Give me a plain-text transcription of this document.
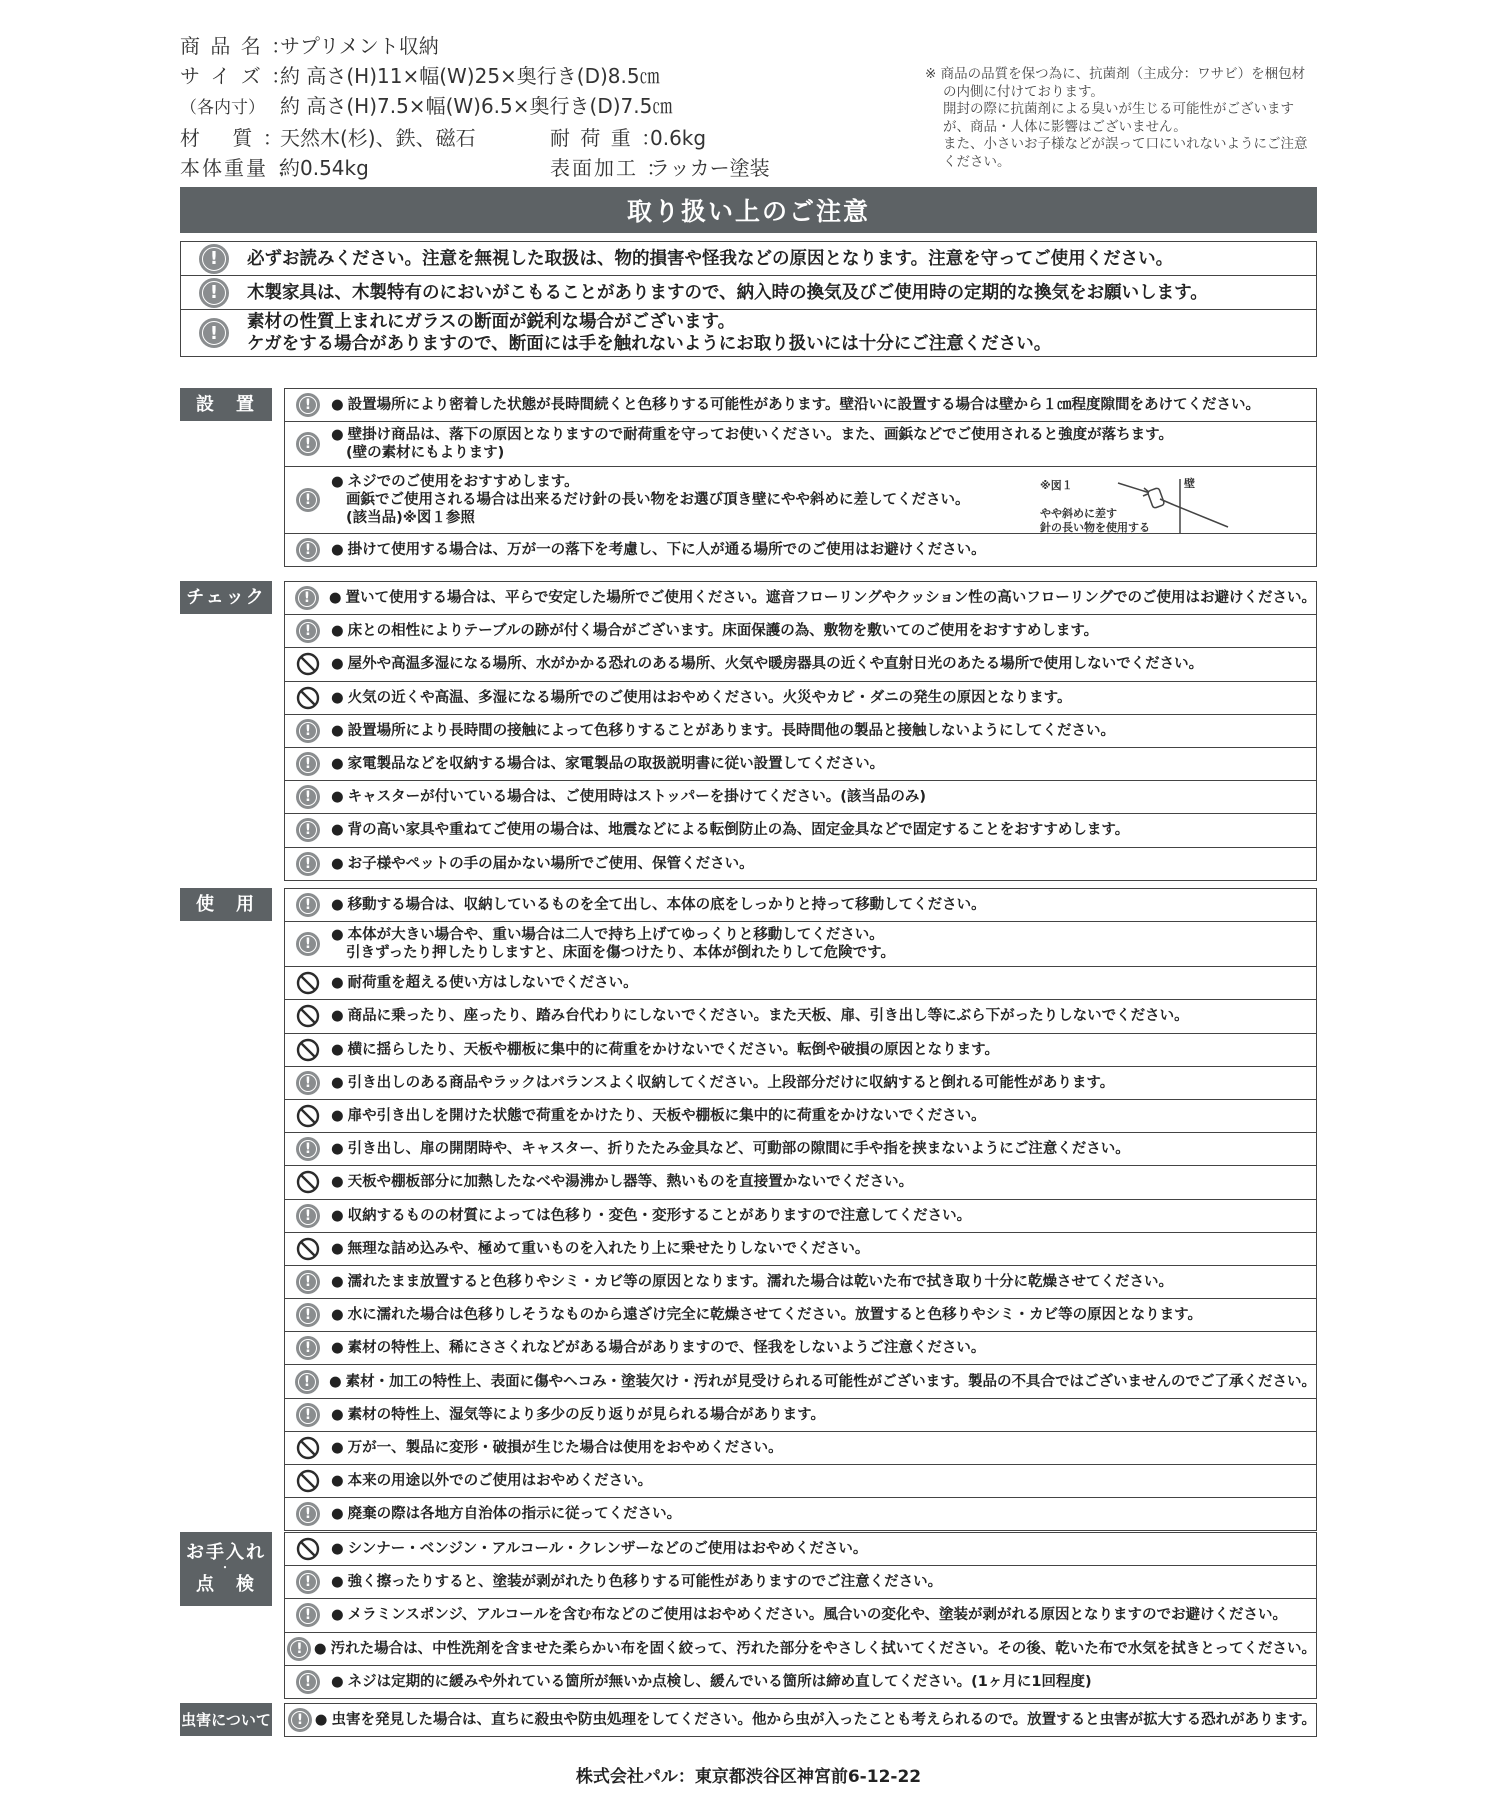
商 品 名 ：サプリメント収納
サ イ ズ ：約 高さ(H)11×幅(W)25×奥行き(D)8.5㎝
（各内寸） 約 高さ(H)7.5×幅(W)6.5×奥行き(D)7.5㎝
材　 質 ：天然木(杉)、鉄、磁石	耐 荷 重 ：0.6kg
本体重量 ：約0.54kg	表面加工 ：ラッカー塗装
※ 商品の品質を保つ為に、抗菌剤（主成分：ワサビ）を梱包材
の内側に付けております。
開封の際に抗菌剤による臭いが生じる可能性がございます
が、商品・人体に影響はございません。
また、小さいお子様などが誤って口にいれないようにご注意
ください。
取り扱い上のご注意
! 必ずお読みください。注意を無視した取扱は、物的損害や怪我などの原因となります。注意を守ってご使用ください。
! 木製家具は、木製特有のにおいがこもることがありますので、納入時の換気及びご使用時の定期的な換気をお願いします。
!
素材の性質上まれにガラスの断面が鋭利な場合がございます。
ケガをする場合がありますので、断面には手を触れないようにお取り扱いには十分にご注意ください。
設　置	! ● 設置場所により密着した状態が長時間続くと色移りする可能性があります。壁沿いに設置する場合は壁から１㎝程度隙間をあけてください。
!
● 壁掛け商品は、落下の原因となりますので耐荷重を守ってお使いください。また、画鋲などでご使用されると強度が落ちます。
(壁の素材にもよります)
!
● ネジでのご使用をおすすめします。
画鋲でご使用される場合は出来るだけ針の長い物をお選び頂き壁にやや斜めに差してください。
(該当品)※図１参照
※図１	壁
やや斜めに差す
針の長い物を使用する
! ● 掛けて使用する場合は、万が一の落下を考慮し、下に人が通る場所でのご使用はお避けください。
チェック	! ● 置いて使用する場合は、平らで安定した場所でご使用ください。遮音フローリングやクッション性の高いフローリングでのご使用はお避けください。
! ● 床との相性によりテーブルの跡が付く場合がございます。床面保護の為、敷物を敷いてのご使用をおすすめします。
● 屋外や高温多湿になる場所、水がかかる恐れのある場所、火気や暖房器具の近くや直射日光のあたる場所で使用しないでください。
● 火気の近くや高温、多湿になる場所でのご使用はおやめください。火災やカビ・ダニの発生の原因となります。
! ● 設置場所により長時間の接触によって色移りすることがあります。長時間他の製品と接触しないようにしてください。
! ● 家電製品などを収納する場合は、家電製品の取扱説明書に従い設置してください。
! ● キャスターが付いている場合は、ご使用時はストッパーを掛けてください。(該当品のみ)
! ● 背の高い家具や重ねてご使用の場合は、地震などによる転倒防止の為、固定金具などで固定することをおすすめします。
! ● お子様やペットの手の届かない場所でご使用、保管ください。
使　用	! ● 移動する場合は、収納しているものを全て出し、本体の底をしっかりと持って移動してください。
!
● 本体が大きい場合や、重い場合は二人で持ち上げてゆっくりと移動してください。
引きずったり押したりしますと、床面を傷つけたり、本体が倒れたりして危険です。
● 耐荷重を超える使い方はしないでください。
● 商品に乗ったり、座ったり、踏み台代わりにしないでください。また天板、扉、引き出し等にぶら下がったりしないでください。
● 横に揺らしたり、天板や棚板に集中的に荷重をかけないでください。転倒や破損の原因となります。
! ● 引き出しのある商品やラックはバランスよく収納してください。上段部分だけに収納すると倒れる可能性があります。
● 扉や引き出しを開けた状態で荷重をかけたり、天板や棚板に集中的に荷重をかけないでください。
! ● 引き出し、扉の開閉時や、キャスター、折りたたみ金具など、可動部の隙間に手や指を挟まないようにご注意ください。
● 天板や棚板部分に加熱したなべや湯沸かし器等、熱いものを直接置かないでください。
! ● 収納するものの材質によっては色移り・変色・変形することがありますので注意してください。
● 無理な詰め込みや、極めて重いものを入れたり上に乗せたりしないでください。
! ● 濡れたまま放置すると色移りやシミ・カビ等の原因となります。濡れた場合は乾いた布で拭き取り十分に乾燥させてください。
! ● 水に濡れた場合は色移りしそうなものから遠ざけ完全に乾燥させてください。放置すると色移りやシミ・カビ等の原因となります。
! ● 素材の特性上、稀にささくれなどがある場合がありますので、怪我をしないようご注意ください。
! ● 素材・加工の特性上、表面に傷やヘコみ・塗装欠け・汚れが見受けられる可能性がございます。製品の不具合ではございませんのでご了承ください。
! ● 素材の特性上、湿気等により多少の反り返りが見られる場合があります。
● 万が一、製品に変形・破損が生じた場合は使用をおやめください。
● 本来の用途以外でのご使用はおやめください。
! ● 廃棄の際は各地方自治体の指示に従ってください。
お手入れ
・
点　検
● シンナー・ベンジン・アルコール・クレンザーなどのご使用はおやめください。
! ● 強く擦ったりすると、塗装が剥がれたり色移りする可能性がありますのでご注意ください。
! ● メラミンスポンジ、アルコールを含む布などのご使用はおやめください。風合いの変化や、塗装が剥がれる原因となりますのでお避けください。
! ● 汚れた場合は、中性洗剤を含ませた柔らかい布を固く絞って、汚れた部分をやさしく拭いてください。その後、乾いた布で水気を拭きとってください。
! ● ネジは定期的に緩みや外れている箇所が無いか点検し、緩んでいる箇所は締め直してください。(1ヶ月に1回程度)
虫害について ! ● 虫害を発見した場合は、直ちに殺虫や防虫処理をしてください。他から虫が入ったことも考えられるので。放置すると虫害が拡大する恐れがあります。
株式会社パル：東京都渋谷区神宮前6-12-22
